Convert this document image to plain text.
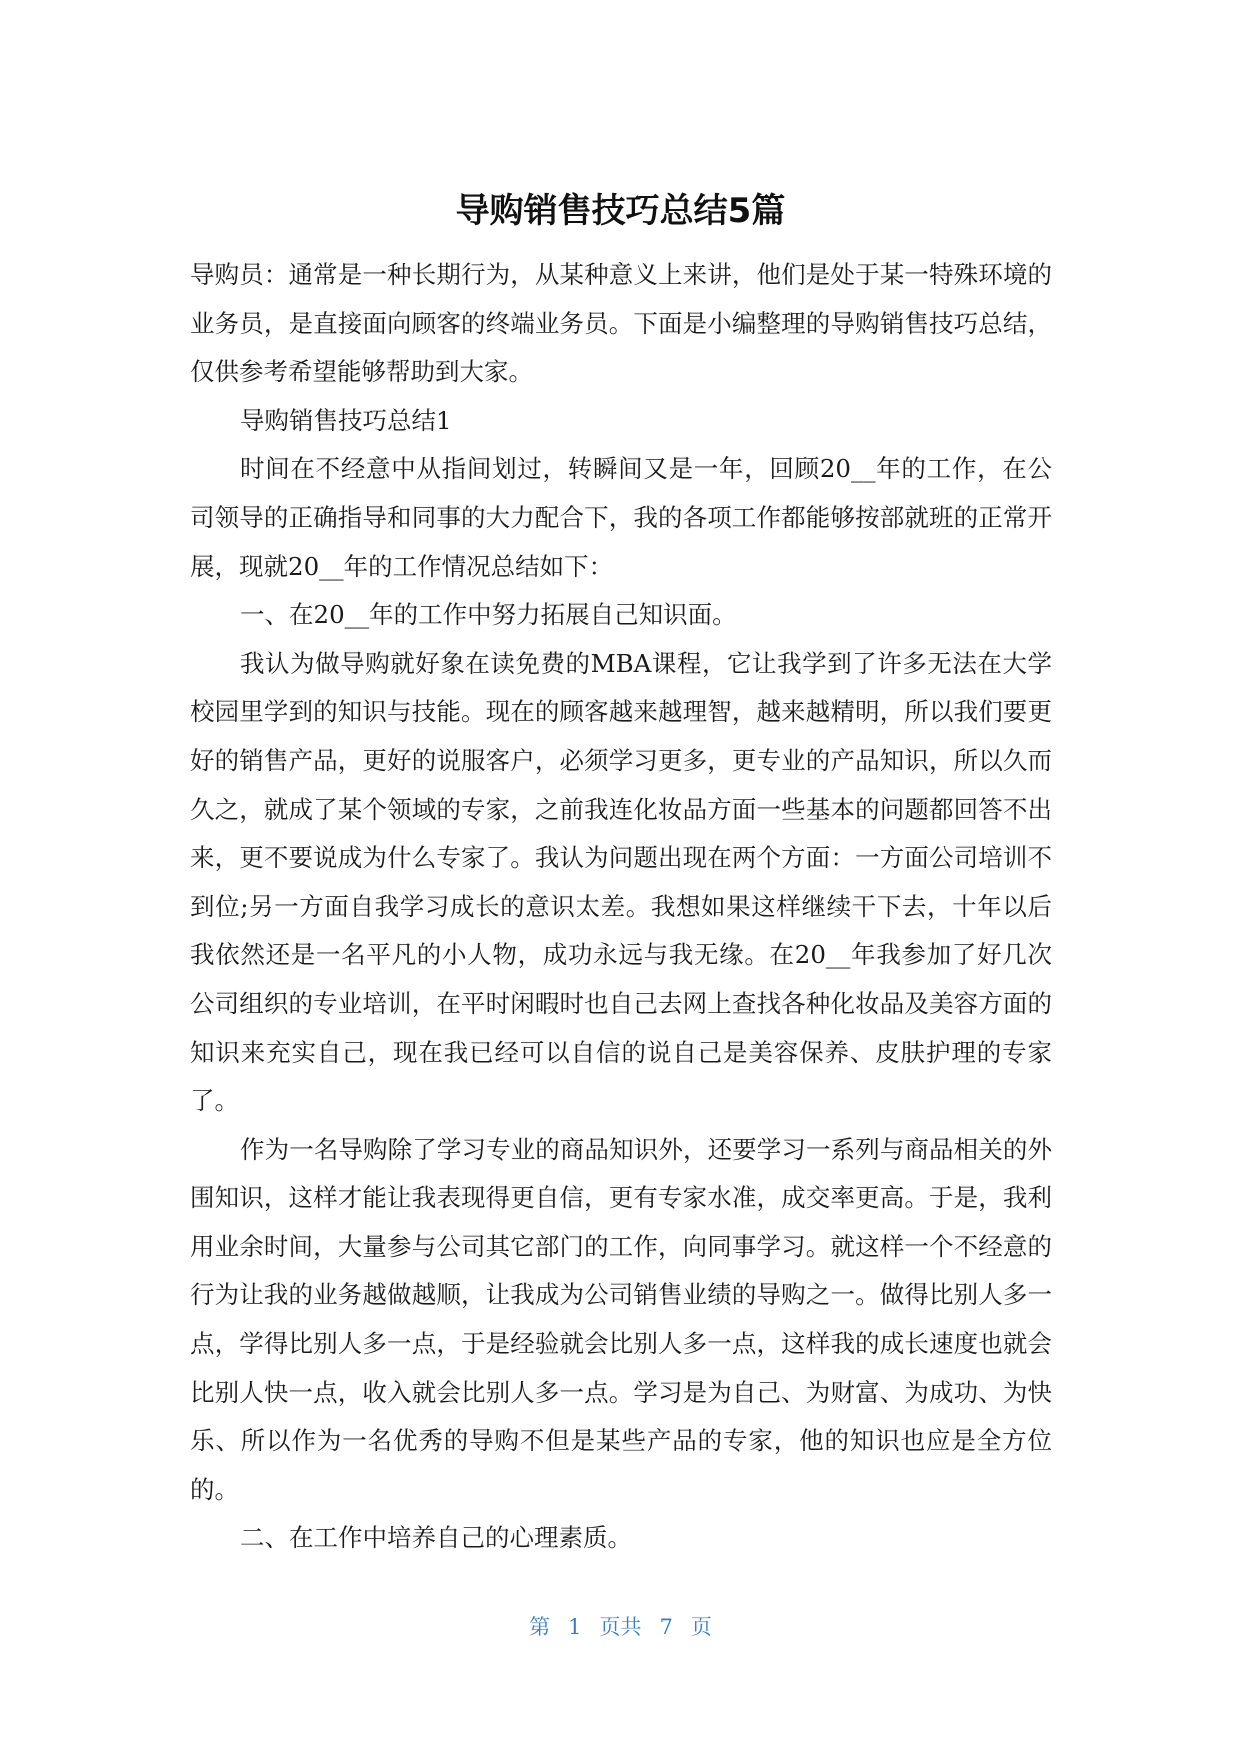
导购销售技巧总结5篇

导购员：通常是一种长期行为，从某种意义上来讲，他们是处于某一特殊环境的业务员，是直接面向顾客的终端业务员。下面是小编整理的导购销售技巧总结，仅供参考希望能够帮助到大家。

导购销售技巧总结1

时间在不经意中从指间划过，转瞬间又是一年，回顾20__年的工作，在公司领导的正确指导和同事的大力配合下，我的各项工作都能够按部就班的正常开展，现就20__年的工作情况总结如下：

一、在20__年的工作中努力拓展自己知识面。

我认为做导购就好象在读免费的MBA课程，它让我学到了许多无法在大学校园里学到的知识与技能。现在的顾客越来越理智，越来越精明，所以我们要更好的销售产品，更好的说服客户，必须学习更多，更专业的产品知识，所以久而久之，就成了某个领域的专家，之前我连化妆品方面一些基本的问题都回答不出来，更不要说成为什么专家了。我认为问题出现在两个方面：一方面公司培训不到位;另一方面自我学习成长的意识太差。我想如果这样继续干下去，十年以后我依然还是一名平凡的小人物，成功永远与我无缘。在20__年我参加了好几次公司组织的专业培训，在平时闲暇时也自己去网上查找各种化妆品及美容方面的知识来充实自己，现在我已经可以自信的说自己是美容保养、皮肤护理的专家了。

作为一名导购除了学习专业的商品知识外，还要学习一系列与商品相关的外围知识，这样才能让我表现得更自信，更有专家水准，成交率更高。于是，我利用业余时间，大量参与公司其它部门的工作，向同事学习。就这样一个不经意的行为让我的业务越做越顺，让我成为公司销售业绩的导购之一。做得比别人多一点，学得比别人多一点，于是经验就会比别人多一点，这样我的成长速度也就会比别人快一点，收入就会比别人多一点。学习是为自己、为财富、为成功、为快乐、所以作为一名优秀的导购不但是某些产品的专家，他的知识也应是全方位的。

二、在工作中培养自己的心理素质。

第 1 页共 7 页
